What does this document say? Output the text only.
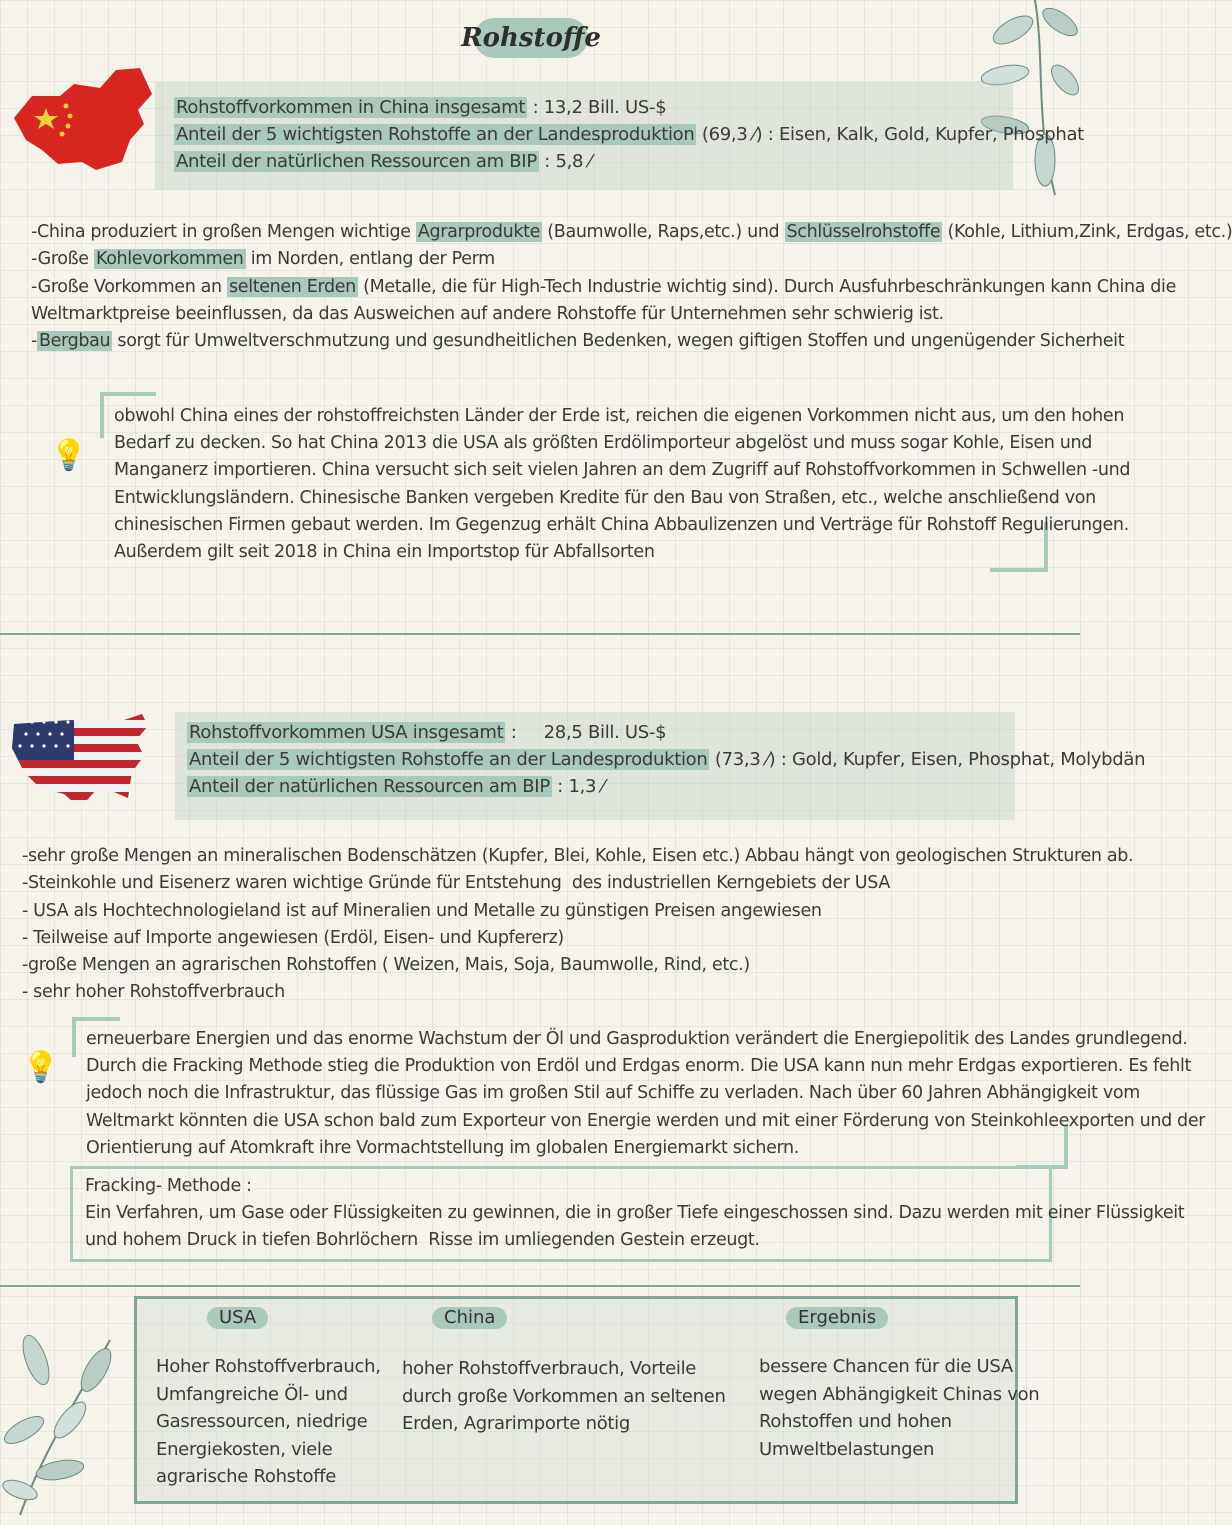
Rohstoffe
Rohstoffvorkommen in China insgesamt : 13,2 Bill. US-$
Anteil der 5 wichtigsten Rohstoffe an der Landesproduktion (69,3 ⁄) : Eisen, Kalk, Gold, Kupfer, Phosphat
Anteil der natürlichen Ressourcen am BIP : 5,8 ⁄
-China produziert in großen Mengen wichtige Agrarprodukte (Baumwolle, Raps,etc.) und Schlüsselrohstoffe (Kohle, Lithium,Zink, Erdgas, etc.)
-Große Kohlevorkommen im Norden, entlang der Perm
-Große Vorkommen an seltenen Erden (Metalle, die für High-Tech Industrie wichtig sind). Durch Ausfuhrbeschränkungen kann China die
Weltmarktpreise beeinflussen, da das Ausweichen auf andere Rohstoffe für Unternehmen sehr schwierig ist.
- Bergbau sorgt für Umweltverschmutzung und gesundheitlichen Bedenken, wegen giftigen Stoffen und ungenügender Sicherheit
💡
obwohl China eines der rohstoffreichsten Länder der Erde ist, reichen die eigenen Vorkommen nicht aus, um den hohen
Bedarf zu decken. So hat China 2013 die USA als größten Erdölimporteur abgelöst und muss sogar Kohle, Eisen und
Manganerz importieren. China versucht sich seit vielen Jahren an dem Zugriff auf Rohstoffvorkommen in Schwellen -und
Entwicklungsländern. Chinesische Banken vergeben Kredite für den Bau von Straßen, etc., welche anschließend von
chinesischen Firmen gebaut werden. Im Gegenzug erhält China Abbaulizenzen und Verträge für Rohstoff Regulierungen.
Außerdem gilt seit 2018 in China ein Importstop für Abfallsorten
Rohstoffvorkommen USA insgesamt :     28,5 Bill. US-$
Anteil der 5 wichtigsten Rohstoffe an der Landesproduktion (73,3 ⁄) : Gold, Kupfer, Eisen, Phosphat, Molybdän
Anteil der natürlichen Ressourcen am BIP : 1,3 ⁄
-sehr große Mengen an mineralischen Bodenschätzen (Kupfer, Blei, Kohle, Eisen etc.) Abbau hängt von geologischen Strukturen ab.
-Steinkohle und Eisenerz waren wichtige Gründe für Entstehung  des industriellen Kerngebiets der USA
- USA als Hochtechnologieland ist auf Mineralien und Metalle zu günstigen Preisen angewiesen
- Teilweise auf Importe angewiesen (Erdöl, Eisen- und Kupfererz)
-große Mengen an agrarischen Rohstoffen ( Weizen, Mais, Soja, Baumwolle, Rind, etc.)
- sehr hoher Rohstoffverbrauch
💡
erneuerbare Energien und das enorme Wachstum der Öl und Gasproduktion verändert die Energiepolitik des Landes grundlegend.
Durch die Fracking Methode stieg die Produktion von Erdöl und Erdgas enorm. Die USA kann nun mehr Erdgas exportieren. Es fehlt
jedoch noch die Infrastruktur, das flüssige Gas im großen Stil auf Schiffe zu verladen. Nach über 60 Jahren Abhängigkeit vom
Weltmarkt könnten die USA schon bald zum Exporteur von Energie werden und mit einer Förderung von Steinkohleexporten und der
Orientierung auf Atomkraft ihre Vormachtstellung im globalen Energiemarkt sichern.
Fracking- Methode :
Ein Verfahren, um Gase oder Flüssigkeiten zu gewinnen, die in großer Tiefe eingeschossen sind. Dazu werden mit einer Flüssigkeit
und hohem Druck in tiefen Bohrlöchern  Risse im umliegenden Gestein erzeugt.
USA
Hoher Rohstoffverbrauch,
Umfangreiche Öl- und
Gasressourcen, niedrige
Energiekosten, viele
agrarische Rohstoffe
China
hoher Rohstoffverbrauch, Vorteile
durch große Vorkommen an seltenen
Erden, Agrarimporte nötig
Ergebnis
bessere Chancen für die USA
wegen Abhängigkeit Chinas von
Rohstoffen und hohen
Umweltbelastungen
